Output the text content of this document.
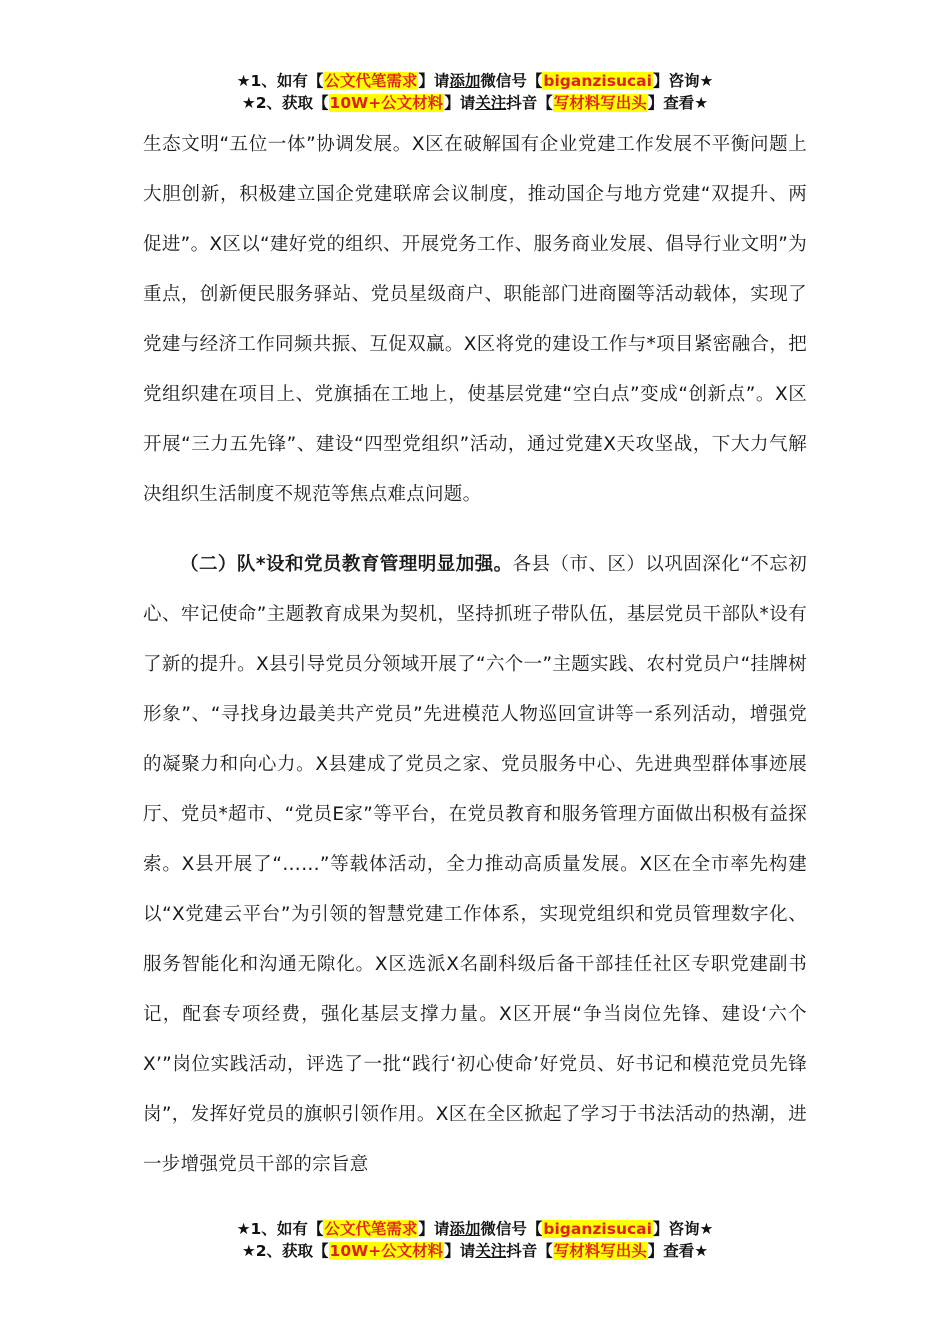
★1、如有【公文代笔需求】请添加微信号【biganzisucai】咨询★
★2、获取【10W+公文材料】请关注抖音【写材料写出头】查看★

生态文明“五位一体”协调发展。X区在破解国有企业党建工作发展不平衡问题上大胆创新，积极建立国企党建联席会议制度，推动国企与地方党建“双提升、两促进”。X区以“建好党的组织、开展党务工作、服务商业发展、倡导行业文明”为重点，创新便民服务驿站、党员星级商户、职能部门进商圈等活动载体，实现了党建与经济工作同频共振、互促双赢。X区将党的建设工作与*项目紧密融合，把党组织建在项目上、党旗插在工地上，使基层党建“空白点”变成“创新点”。X区开展“三力五先锋”、建设“四型党组织”活动，通过党建X天攻坚战，下大力气解决组织生活制度不规范等焦点难点问题。

（二）队*设和党员教育管理明显加强。各县（市、区）以巩固深化“不忘初心、牢记使命”主题教育成果为契机，坚持抓班子带队伍，基层党员干部队*设有了新的提升。X县引导党员分领域开展了“六个一”主题实践、农村党员户“挂牌树形象”、“寻找身边最美共产党员”先进模范人物巡回宣讲等一系列活动，增强党的凝聚力和向心力。X县建成了党员之家、党员服务中心、先进典型群体事迹展厅、党员*超市、“党员E家”等平台，在党员教育和服务管理方面做出积极有益探索。X县开展了“……”等载体活动，全力推动高质量发展。X区在全市率先构建以“X党建云平台”为引领的智慧党建工作体系，实现党组织和党员管理数字化、服务智能化和沟通无隙化。X区选派X名副科级后备干部挂任社区专职党建副书记，配套专项经费，强化基层支撑力量。X区开展“争当岗位先锋、建设‘六个X’”岗位实践活动，评选了一批“践行‘初心使命’好党员、好书记和模范党员先锋岗”，发挥好党员的旗帜引领作用。X区在全区掀起了学习于书法活动的热潮，进一步增强党员干部的宗旨意

★1、如有【公文代笔需求】请添加微信号【biganzisucai】咨询★
★2、获取【10W+公文材料】请关注抖音【写材料写出头】查看★
